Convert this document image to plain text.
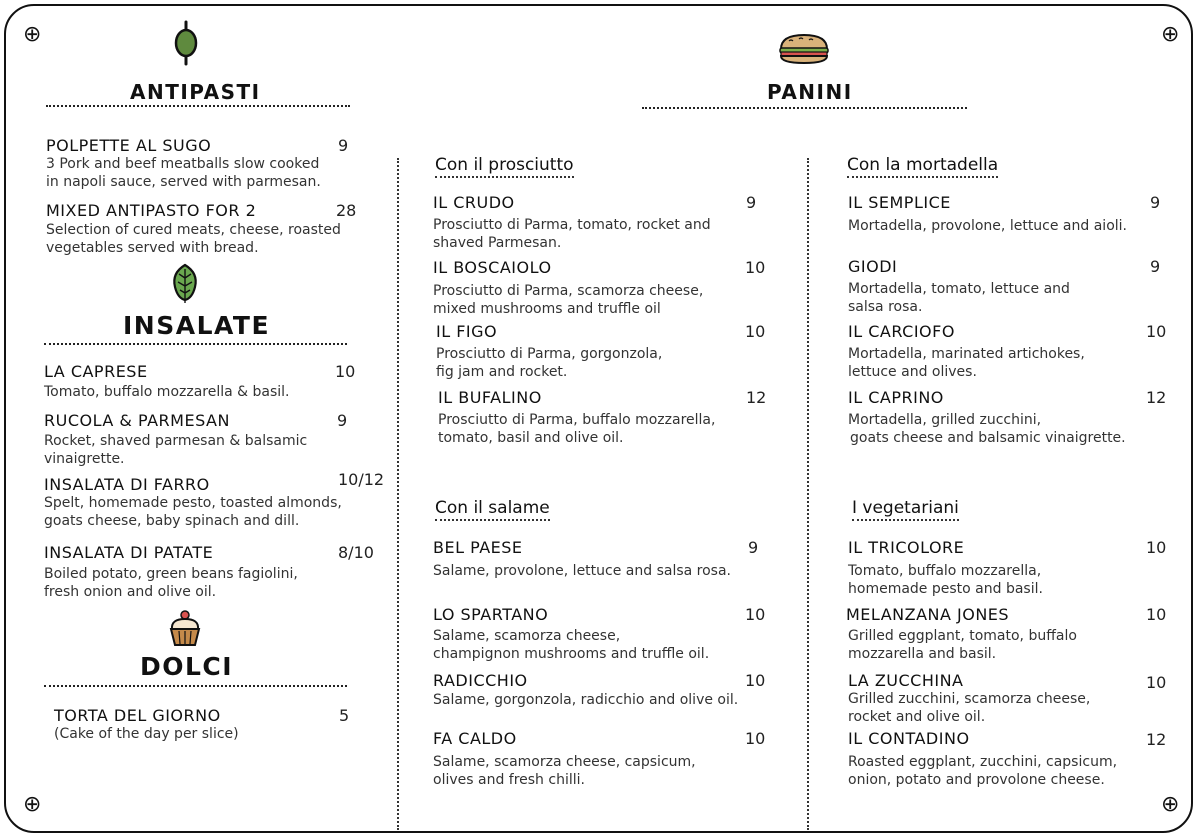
⊕	⊕
⊕	⊕
ANTIPASTI
POLPETTE AL SUGO	9
3 Pork and beef meatballs slow cooked
in napoli sauce, served with parmesan.
MIXED ANTIPASTO FOR 2	28
Selection of cured meats, cheese, roasted
vegetables served with bread.
INSALATE
LA CAPRESE	10
Tomato, buffalo mozzarella & basil.
RUCOLA & PARMESAN	9
Rocket, shaved parmesan & balsamic
vinaigrette.
INSALATA DI FARRO	10/12
Spelt, homemade pesto, toasted almonds,
goats cheese, baby spinach and dill.
INSALATA DI PATATE	8/10
Boiled potato, green beans fagiolini,
fresh onion and olive oil.
DOLCI
TORTA DEL GIORNO	5
(Cake of the day per slice)
PANINI
Con il prosciutto
IL CRUDO	9
Prosciutto di Parma, tomato, rocket and
shaved Parmesan.
IL BOSCAIOLO	10
Prosciutto di Parma, scamorza cheese,
mixed mushrooms and truffle oil
IL FIGO	10
Prosciutto di Parma, gorgonzola,
fig jam and rocket.
IL BUFALINO	12
Prosciutto di Parma, buffalo mozzarella,
tomato, basil and olive oil.
Con il salame
BEL PAESE	9
Salame, provolone, lettuce and salsa rosa.
LO SPARTANO	10
Salame, scamorza cheese,
champignon mushrooms and truffle oil.
RADICCHIO	10
Salame, gorgonzola, radicchio and olive oil.
FA CALDO	10
Salame, scamorza cheese, capsicum,
olives and fresh chilli.
Con la mortadella
IL SEMPLICE	9
Mortadella, provolone, lettuce and aioli.
GIODI	9
Mortadella, tomato, lettuce and
salsa rosa.
IL CARCIOFO	10
Mortadella, marinated artichokes,
lettuce and olives.
IL CAPRINO	12
Mortadella, grilled zucchini,
goats cheese and balsamic vinaigrette.
I vegetariani
IL TRICOLORE	10
Tomato, buffalo mozzarella,
homemade pesto and basil.
MELANZANA JONES	10
Grilled eggplant, tomato, buffalo
mozzarella and basil.
LA ZUCCHINA	10
Grilled zucchini, scamorza cheese,
rocket and olive oil.
IL CONTADINO	12
Roasted eggplant, zucchini, capsicum,
onion, potato and provolone cheese.
